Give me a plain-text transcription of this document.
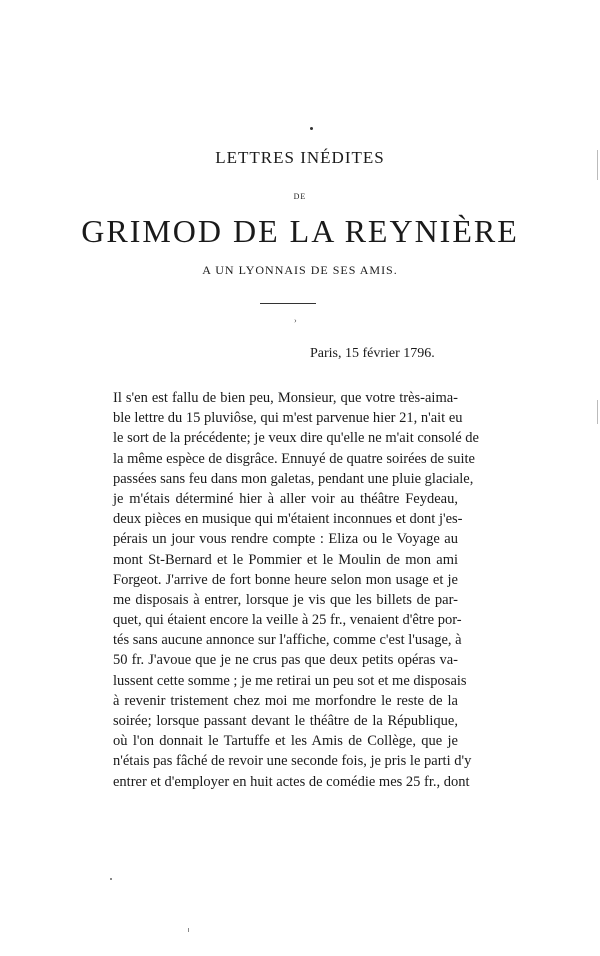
LETTRES INÉDITES
DE
GRIMOD DE LA REYNIÈRE
A UN LYONNAIS DE SES AMIS.
›
Paris, 15 février 1796.
Il s'en est fallu de bien peu, Monsieur, que votre très-aima-
ble lettre du 15 pluviôse, qui m'est parvenue hier 21, n'ait eu
le sort de la précédente; je veux dire qu'elle ne m'ait consolé de
la même espèce de disgrâce. Ennuyé de quatre soirées de suite
passées sans feu dans mon galetas, pendant une pluie glaciale,
je m'étais déterminé hier à aller voir au théâtre Feydeau,
deux pièces en musique qui m'étaient inconnues et dont j'es-
pérais un jour vous rendre compte : Eliza ou le Voyage au
mont St-Bernard et le Pommier et le Moulin de mon ami
Forgeot. J'arrive de fort bonne heure selon mon usage et je
me disposais à entrer, lorsque je vis que les billets de par-
quet, qui étaient encore la veille à 25 fr., venaient d'être por-
tés sans aucune annonce sur l'affiche, comme c'est l'usage, à
50 fr. J'avoue que je ne crus pas que deux petits opéras va-
lussent cette somme ; je me retirai un peu sot et me disposais
à revenir tristement chez moi me morfondre le reste de la
soirée; lorsque passant devant le théâtre de la République,
où l'on donnait le Tartuffe et les Amis de Collège, que je
n'étais pas fâché de revoir une seconde fois, je pris le parti d'y
entrer et d'employer en huit actes de comédie mes 25 fr., dont
